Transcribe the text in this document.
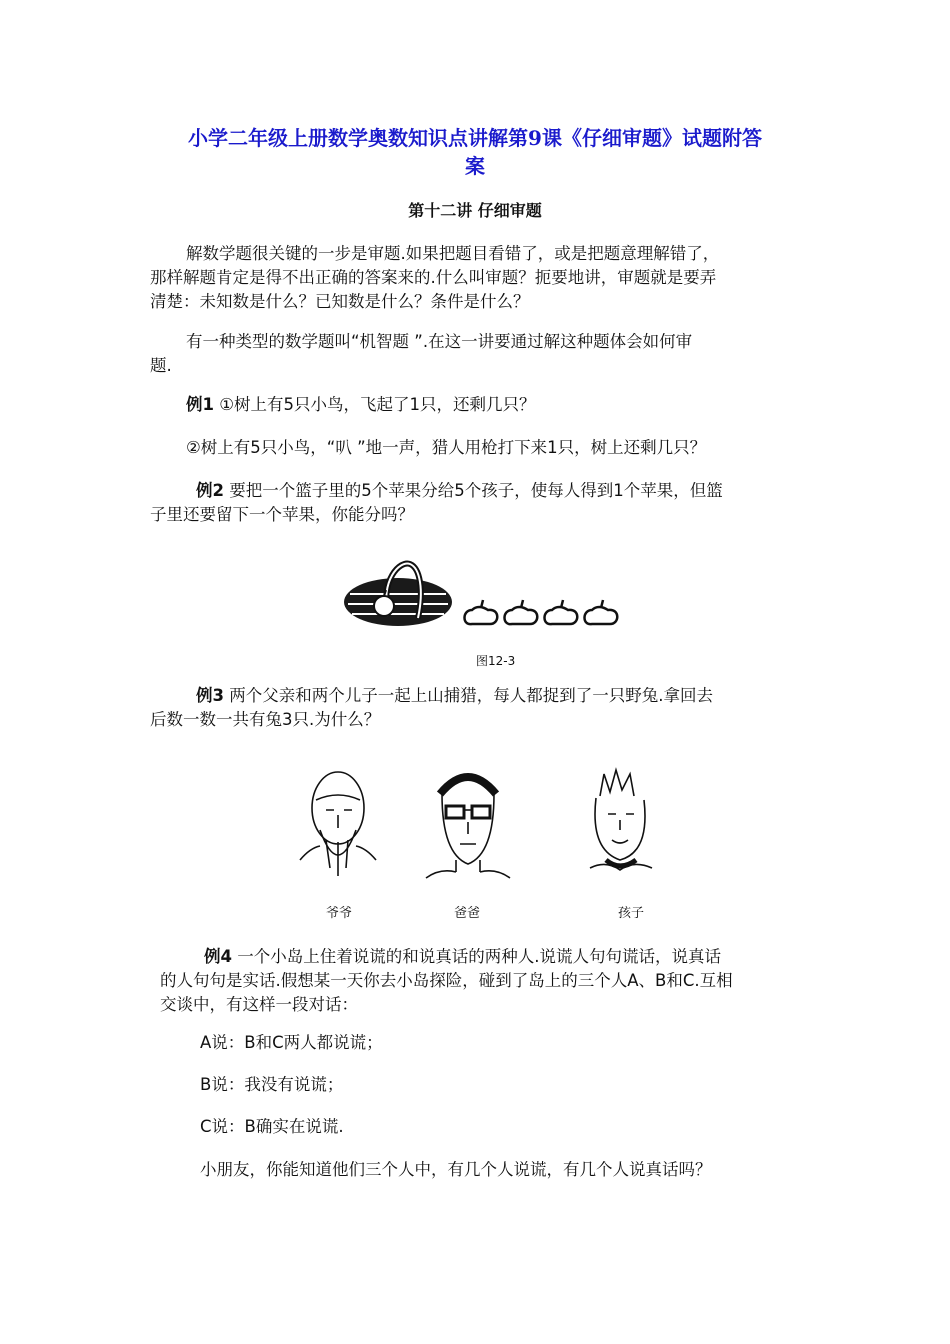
小学二年级上册数学奥数知识点讲解第9课《仔细审题》试题附答
案
第十二讲 仔细审题
解数学题很关键的一步是审题.如果把题目看错了，或是把题意理解错了，
那样解题肯定是得不出正确的答案来的.什么叫审题？扼要地讲，审题就是要弄
清楚：未知数是什么？已知数是什么？条件是什么？
有一种类型的数学题叫“机智题 ”.在这一讲要通过解这种题体会如何审
题.
例1 ①树上有5只小鸟，飞起了1只，还剩几只？
②树上有5只小鸟，“叭 ”地一声，猎人用枪打下来1只，树上还剩几只？
例2 要把一个篮子里的5个苹果分给5个孩子，使每人得到1个苹果，但篮
子里还要留下一个苹果，你能分吗？
图12-3
例3 两个父亲和两个儿子一起上山捕猎，每人都捉到了一只野兔.拿回去
后数一数一共有兔3只.为什么？
爷爷	爸爸	孩子
例4 一个小岛上住着说谎的和说真话的两种人.说谎人句句谎话，说真话
的人句句是实话.假想某一天你去小岛探险，碰到了岛上的三个人A、B和C.互相
交谈中，有这样一段对话：
A说：B和C两人都说谎；
B说：我没有说谎；
C说：B确实在说谎.
小朋友，你能知道他们三个人中，有几个人说谎，有几个人说真话吗？
